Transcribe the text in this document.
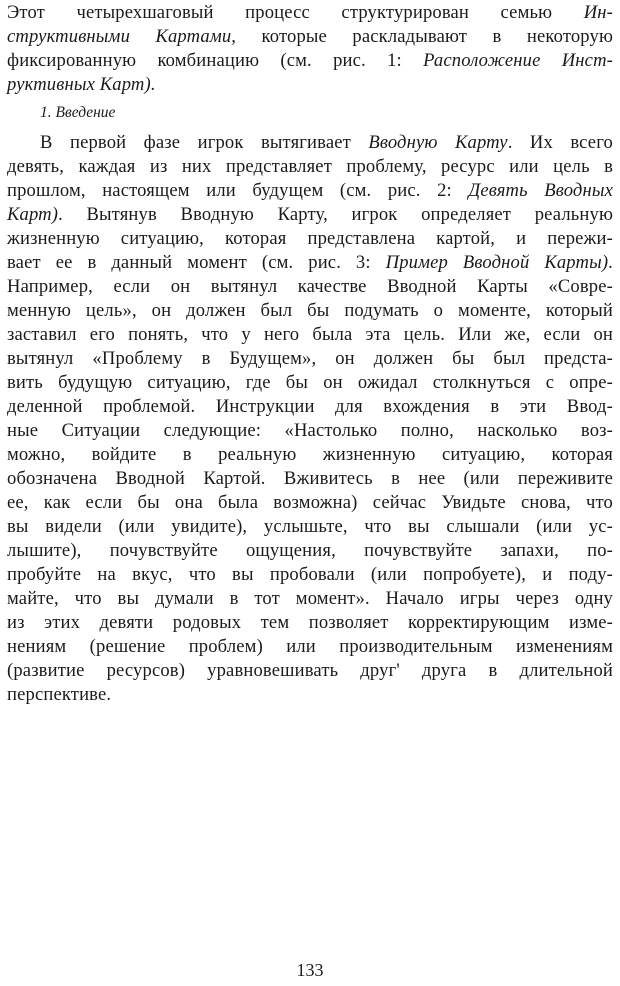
Этот четырехшаговый процесс структурирован семью Ин-
структивными Картами, которые раскладывают в некоторую
фиксированную комбинацию (см. рис. 1: Расположение Инст-
руктивных Карт).
1. Введение
В первой фазе игрок вытягивает Вводную Карту. Их всего
девять, каждая из них представляет проблему, ресурс или цель в
прошлом, настоящем или будущем (см. рис. 2: Девять Вводных
Карт). Вытянув Вводную Карту, игрок определяет реальную
жизненную ситуацию, которая представлена картой, и пережи-
вает ее в данный момент (см. рис. 3: Пример Вводной Карты).
Например, если он вытянул качестве Вводной Карты «Совре-
менную цель», он должен был бы подумать о моменте, который
заставил его понять, что у него была эта цель. Или же, если он
вытянул «Проблему в Будущем», он должен бы был предста-
вить будущую ситуацию, где бы он ожидал столкнуться с опре-
деленной проблемой. Инструкции для вхождения в эти Ввод-
ные Ситуации следующие: «Настолько полно, насколько воз-
можно, войдите в реальную жизненную ситуацию, которая
обозначена Вводной Картой. Вживитесь в нее (или переживите
ее, как если бы она была возможна) сейчас Увидьте снова, что
вы видели (или увидите), услышьте, что вы слышали (или ус-
лышите), почувствуйте ощущения, почувствуйте запахи, по-
пробуйте на вкус, что вы пробовали (или попробуете), и поду-
майте, что вы думали в тот момент». Начало игры через одну
из этих девяти родовых тем позволяет корректирующим изме-
нениям (решение проблем) или производительным изменениям
(развитие ресурсов) уравновешивать друг' друга в длительной
перспективе.
133
